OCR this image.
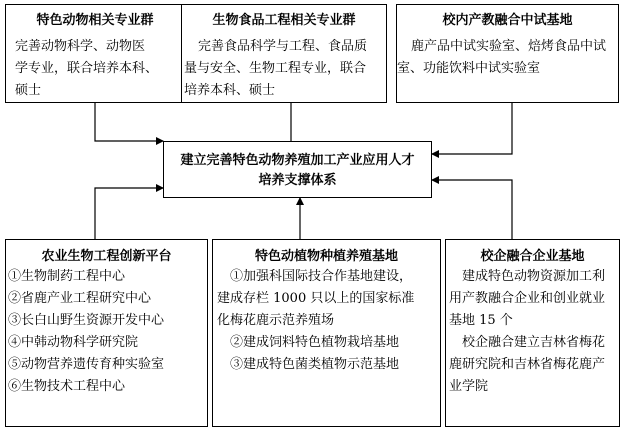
特色动物相关专业群

完善动物科学、动物医

学专业，联合培养本科、

硕士

生物食品工程相关专业群

完善食品科学与工程、食品质

量与安全、生物工程专业，联合

培养本科、硕士

校内产教融合中试基地

鹿产品中试实验室、焙烤食品中试

室、功能饮料中试实验室

建立完善特色动物养殖加工产业应用人才
培养支撑体系
农业生物工程创新平台

①生物制药工程中心

②省鹿产业工程研究中心

③长白山野生资源开发中心

④中韩动物科学研究院

⑤动物营养遗传育种实验室

⑥生物技术工程中心

特色动植物种植养殖基地

①加强科国际技合作基地建设，

建成存栏 1000 只以上的国家标准

化梅花鹿示范养殖场

②建成饲料特色植物栽培基地

③建成特色菌类植物示范基地

校企融合企业基地

建成特色动物资源加工利

用产教融合企业和创业就业

基地 15 个

校企融合建立吉林省梅花

鹿研究院和吉林省梅花鹿产

业学院
